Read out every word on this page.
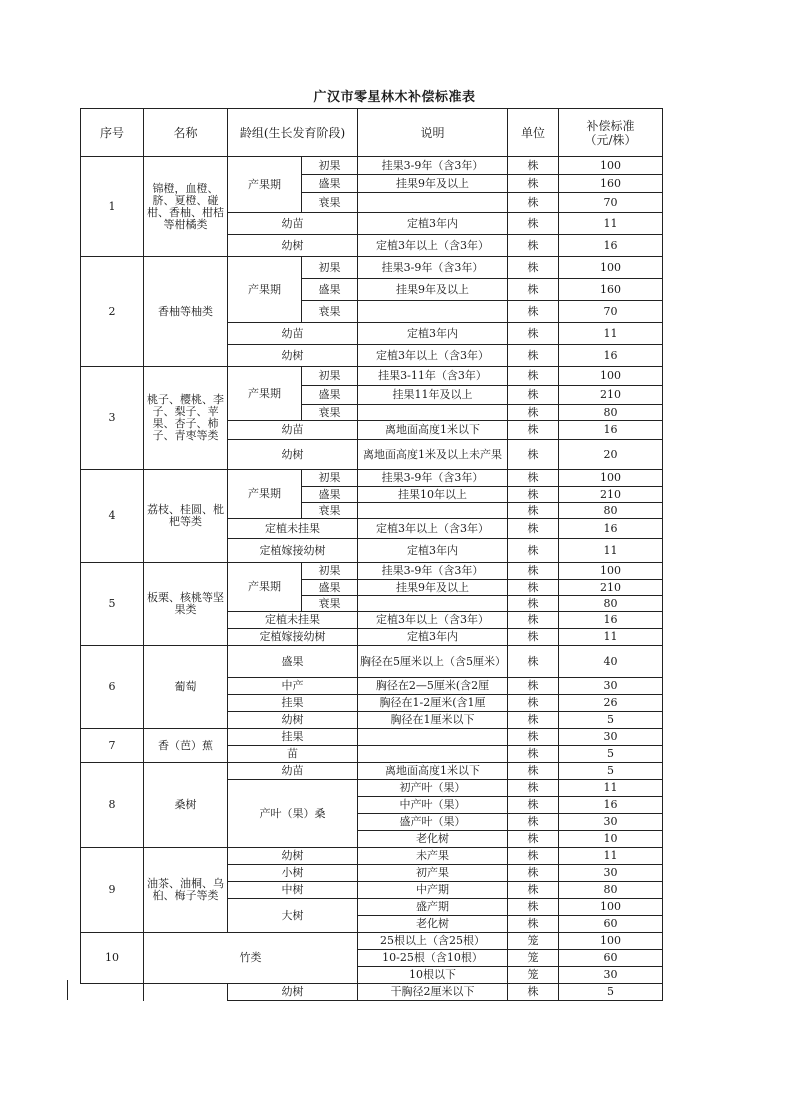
广汉市零星林木补偿标准表
序号	名称	龄组(生长发育阶段)		说明	单位	补偿标准（元/株）
1	锦橙，血橙、脐、夏橙、碰柑、香柚、柑桔等柑橘类	产果期	初果	挂果3-9年（含3年）	株	100
			盛果	挂果9年及以上	株	160
			衰果		株	70
		幼苗		定植3年内	株	11
		幼树		定植3年以上（含3年）	株	16
2	香柚等柚类	产果期	初果	挂果3-9年（含3年）	株	100
			盛果	挂果9年及以上	株	160
			衰果		株	70
		幼苗		定植3年内	株	11
		幼树		定植3年以上（含3年）	株	16
3	桃子、樱桃、李子、梨子、苹果、杏子、柿子、青枣等类	产果期	初果	挂果3-11年（含3年）	株	100
			盛果	挂果11年及以上	株	210
			衰果		株	80
		幼苗		离地面高度1米以下	株	16
		幼树		离地面高度1米及以上未产果	株	20
4	荔枝、桂圆、枇杷等类	产果期	初果	挂果3-9年（含3年）	株	100
			盛果	挂果10年以上	株	210
			衰果		株	80
		定植未挂果		定植3年以上（含3年）	株	16
		定植嫁接幼树		定植3年内	株	11
5	板栗、核桃等坚果类	产果期	初果	挂果3-9年（含3年）	株	100
			盛果	挂果9年及以上	株	210
			衰果		株	80
		定植未挂果		定植3年以上（含3年）	株	16
		定植嫁接幼树		定植3年内	株	11
6	葡萄	盛果		胸径在5厘米以上（含5厘米）	株	40
		中产		胸径在2—5厘米(含2厘	株	30
		挂果		胸径在1-2厘米(含1厘	株	26
		幼树		胸径在1厘米以下	株	5
7	香（芭）蕉	挂果			株	30
		苗			株	5
8	桑树	幼苗		离地面高度1米以下	株	5
		产叶（果）桑		初产叶（果）	株	11
				中产叶（果）	株	16
				盛产叶（果）	株	30
				老化树	株	10
9	油茶、油桐、乌桕、梅子等类	幼树		未产果	株	11
		小树		初产果	株	30
		中树		中产期	株	80
		大树		盛产期	株	100
				老化树	株	60
10	竹类			25根以上（含25根）	笼	100
				10-25根（含10根）	笼	60
				10根以下	笼	30
		幼树		干胸径2厘米以下	株	5
